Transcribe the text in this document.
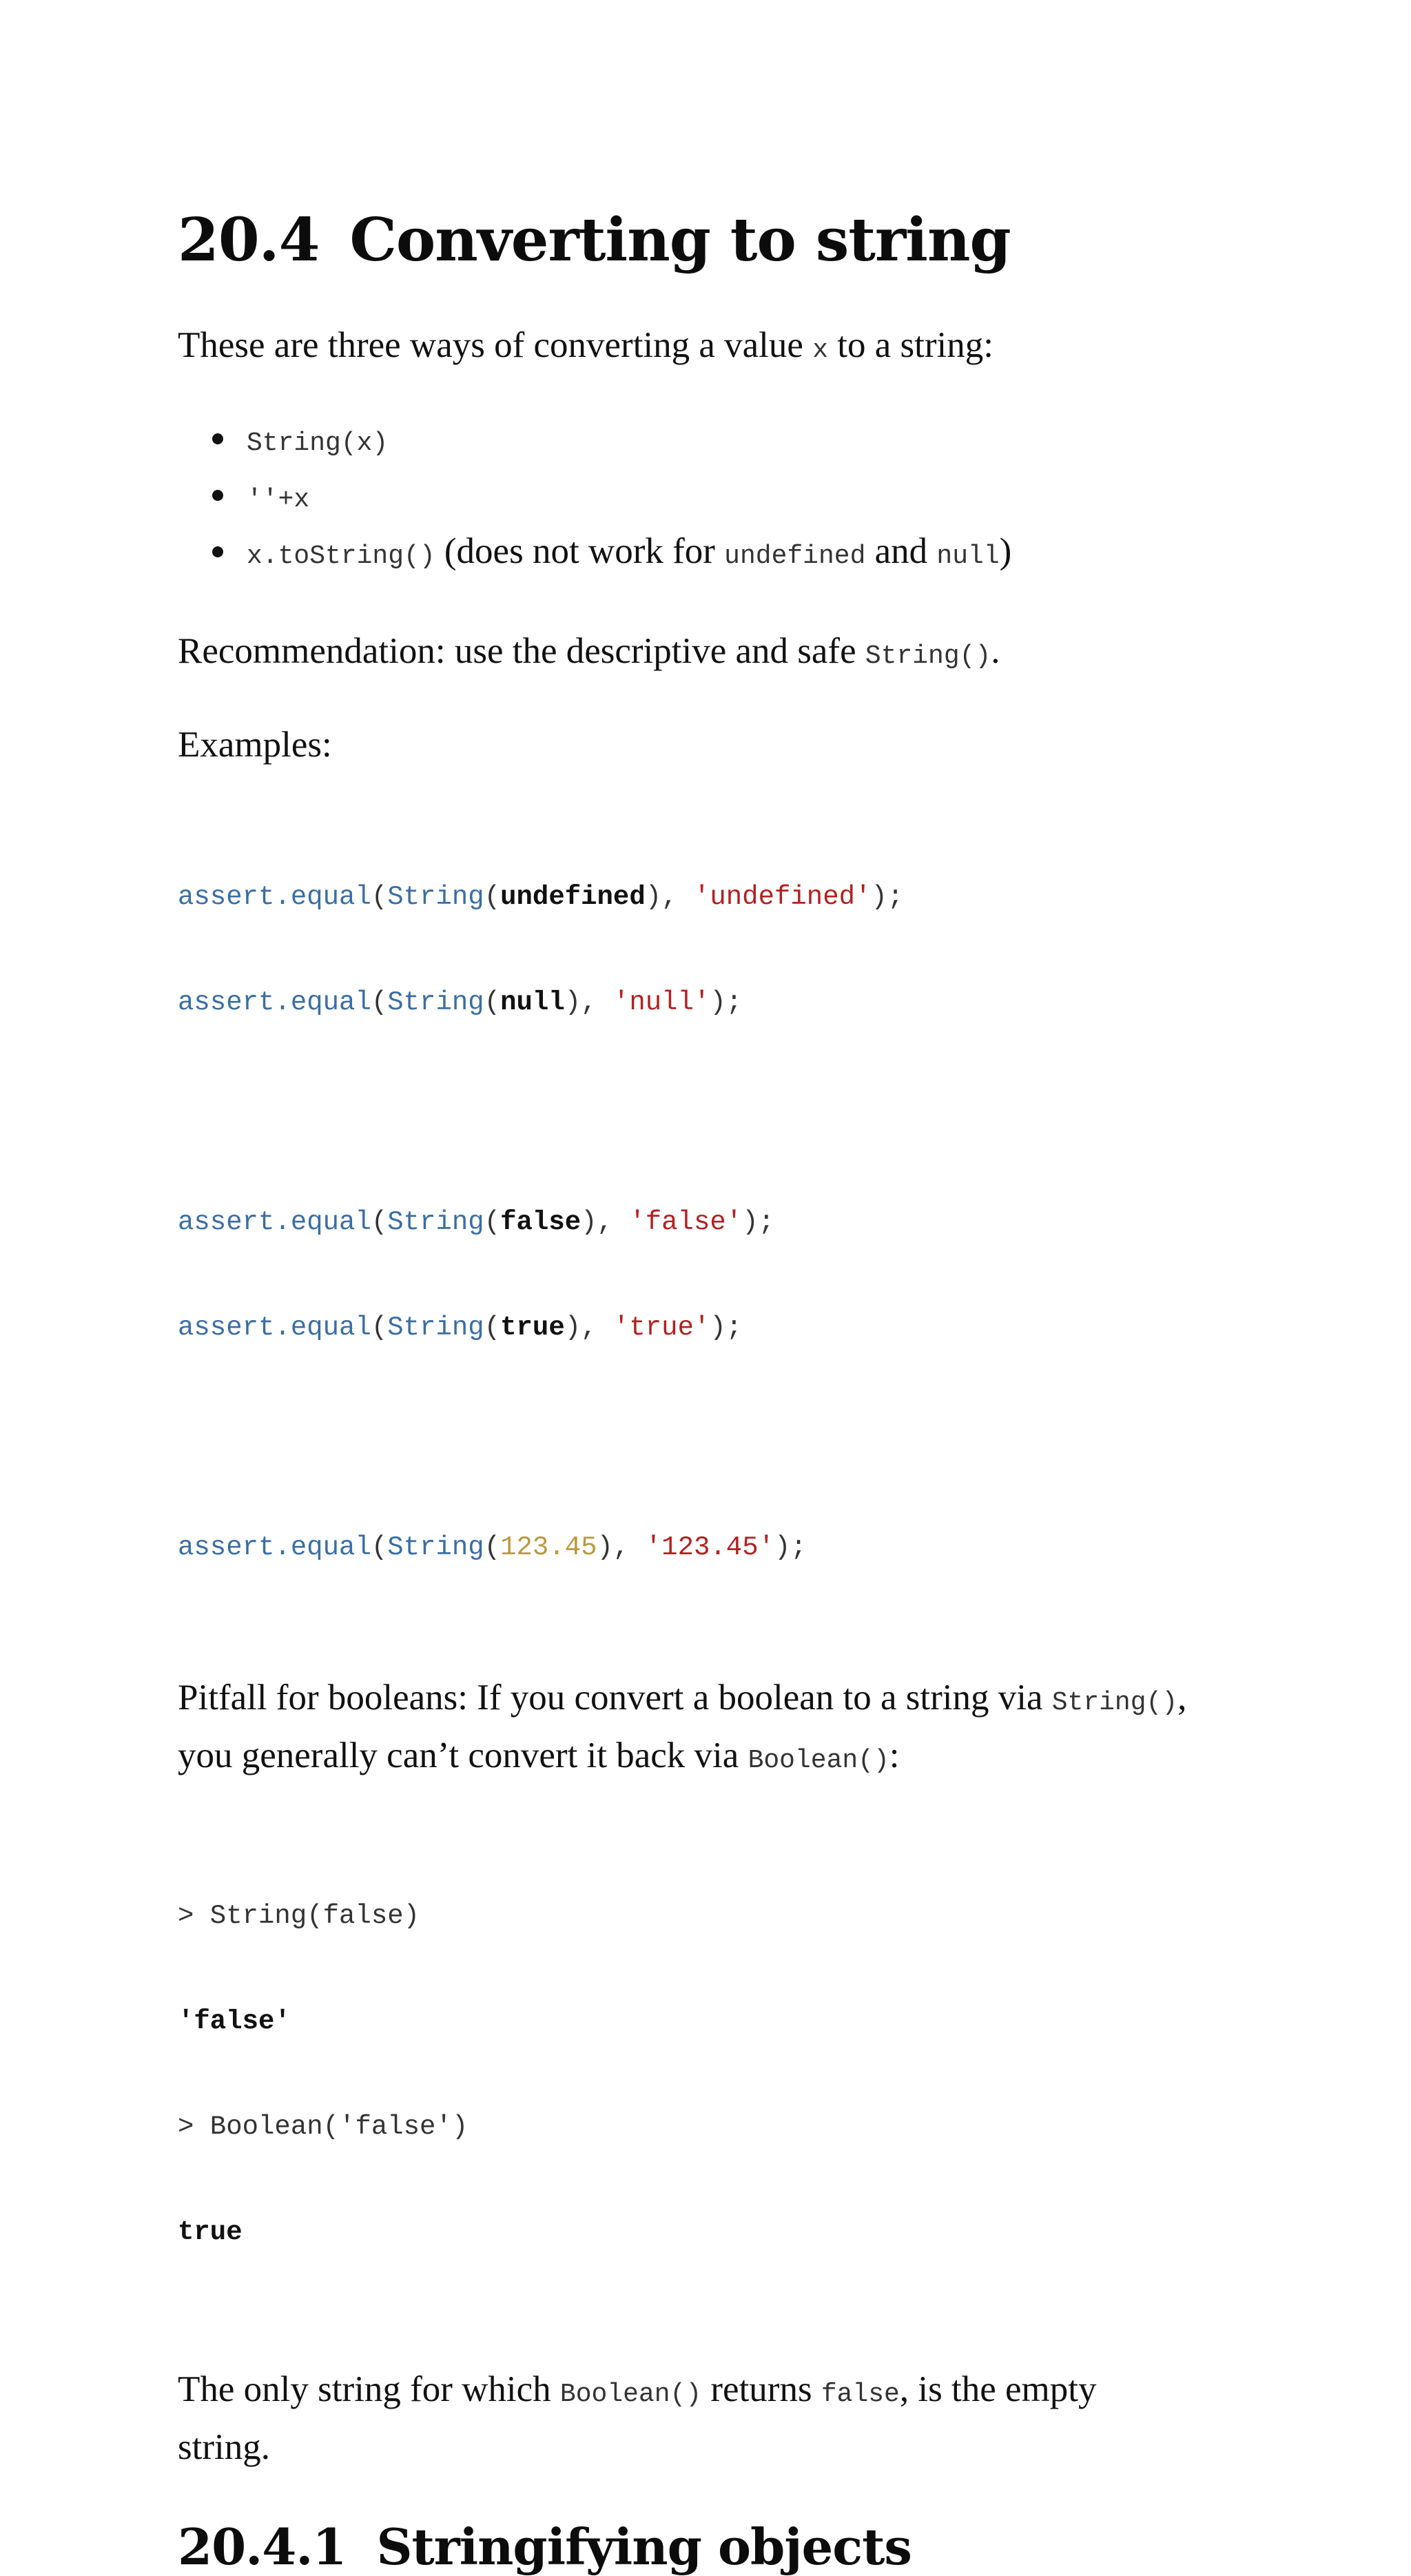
20.4 Converting to string

These are three ways of converting a value x to a string:

String(x)
''+x
x.toString() (does not work for undefined and null)

Recommendation: use the descriptive and safe String().

Examples:

assert.equal(String(undefined), 'undefined');

assert.equal(String(null), 'null');

assert.equal(String(false), 'false');

assert.equal(String(true), 'true');

assert.equal(String(123.45), '123.45');

Pitfall for booleans: If you convert a boolean to a string via String(),
you generally can’t convert it back via Boolean():

> String(false)

'false'

> Boolean('false')

true

The only string for which Boolean() returns false, is the empty
string.

20.4.1 Stringifying objects
